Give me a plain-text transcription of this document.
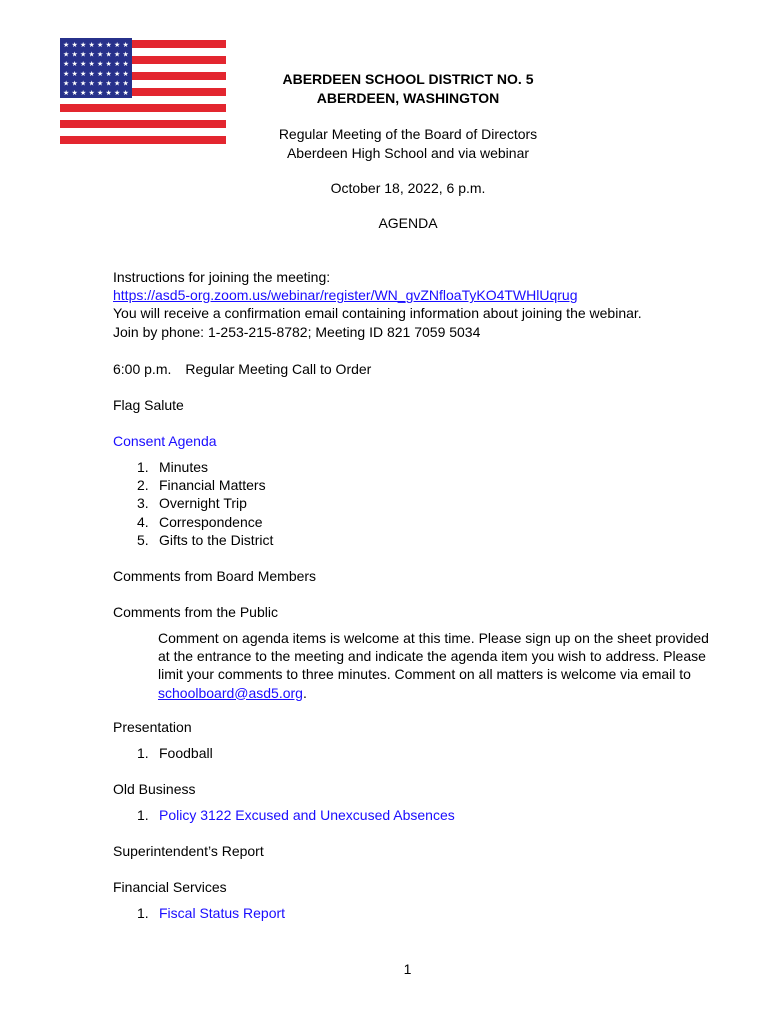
★ ★ ★ ★ ★ ★ ★ ★
★ ★ ★ ★ ★ ★ ★ ★
★ ★ ★ ★ ★ ★ ★ ★
★ ★ ★ ★ ★ ★ ★ ★
★ ★ ★ ★ ★ ★ ★ ★
★ ★ ★ ★ ★ ★ ★ ★
ABERDEEN SCHOOL DISTRICT NO. 5
ABERDEEN, WASHINGTON
Regular Meeting of the Board of Directors
Aberdeen High School and via webinar
October 18, 2022, 6 p.m.
AGENDA
Instructions for joining the meeting:
https://asd5-org.zoom.us/webinar/register/WN_gvZNfloaTyKO4TWHlUqrug
You will receive a confirmation email containing information about joining the webinar.
Join by phone: 1-253-215-8782; Meeting ID 821 7059 5034
6:00 p.m. Regular Meeting Call to Order
Flag Salute
Consent Agenda
1. Minutes
2. Financial Matters
3. Overnight Trip
4. Correspondence
5. Gifts to the District
Comments from Board Members
Comments from the Public
Comment on agenda items is welcome at this time. Please sign up on the sheet provided at the entrance to the meeting and indicate the agenda item you wish to address. Please limit your comments to three minutes. Comment on all matters is welcome via email to schoolboard@asd5.org.
Presentation
1. Foodball
Old Business
1. Policy 3122 Excused and Unexcused Absences
Superintendent’s Report
Financial Services
1. Fiscal Status Report
1
